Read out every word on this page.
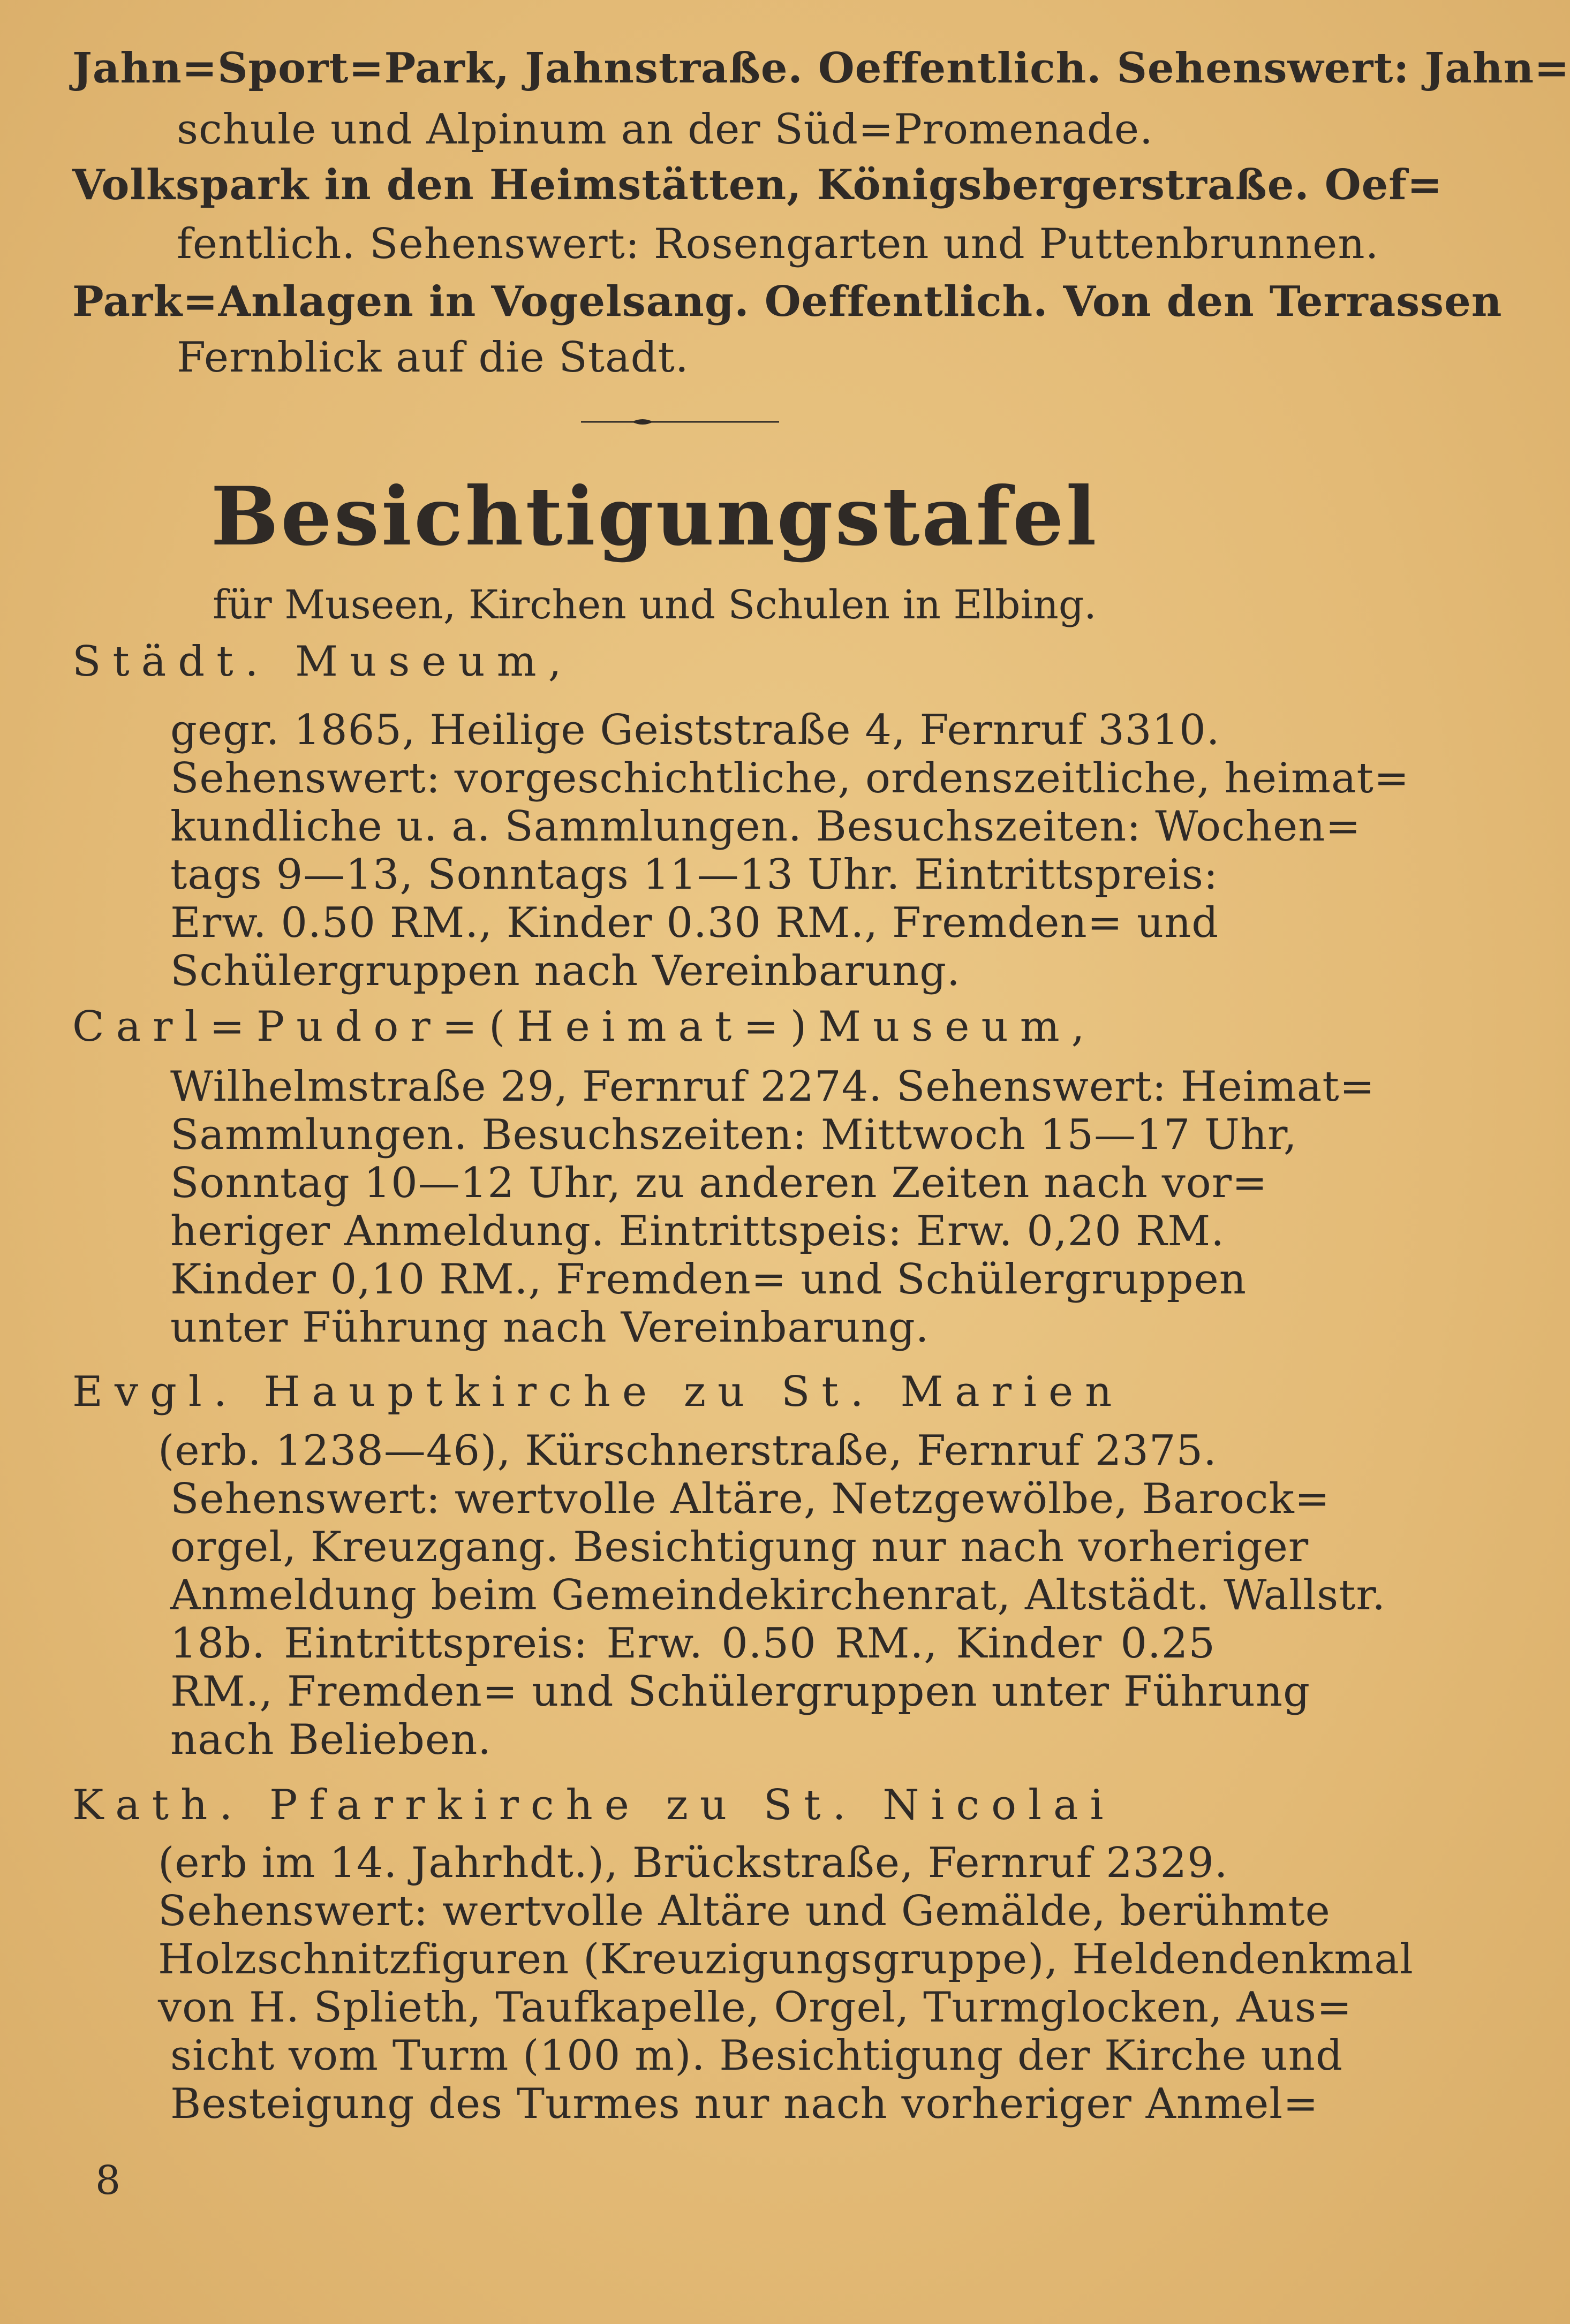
Jahn=Sport=Park, Jahnstraße. Oeffentlich. Sehenswert: Jahn=
schule und Alpinum an der Süd=Promenade.
Volkspark in den Heimstätten, Königsbergerstraße. Oef=
fentlich. Sehenswert: Rosengarten und Puttenbrunnen.
Park=Anlagen in Vogelsang. Oeffentlich. Von den Terrassen
Fernblick auf die Stadt.
Besichtigungstafel
für Museen, Kirchen und Schulen in Elbing.
Städt. Museum,
gegr. 1865, Heilige Geiststraße 4, Fernruf 3310.
Sehenswert: vorgeschichtliche, ordenszeitliche, heimat=
kundliche u. a. Sammlungen. Besuchszeiten: Wochen=
tags 9—13, Sonntags 11—13 Uhr. Eintrittspreis:
Erw. 0.50 RM., Kinder 0.30 RM., Fremden= und
Schülergruppen nach Vereinbarung.
Carl=Pudor=(Heimat=)Museum,
Wilhelmstraße 29, Fernruf 2274. Sehenswert: Heimat=
Sammlungen. Besuchszeiten: Mittwoch 15—17 Uhr,
Sonntag 10—12 Uhr, zu anderen Zeiten nach vor=
heriger Anmeldung. Eintrittspeis: Erw. 0,20 RM.
Kinder 0,10 RM., Fremden= und Schülergruppen
unter Führung nach Vereinbarung.
Evgl. Hauptkirche zu St. Marien
(erb. 1238—46), Kürschnerstraße, Fernruf 2375.
Sehenswert: wertvolle Altäre, Netzgewölbe, Barock=
orgel, Kreuzgang. Besichtigung nur nach vorheriger
Anmeldung beim Gemeindekirchenrat, Altstädt. Wallstr.
18b. Eintrittspreis: Erw. 0.50 RM., Kinder 0.25
RM., Fremden= und Schülergruppen unter Führung
nach Belieben.
Kath. Pfarrkirche zu St. Nicolai
(erb im 14. Jahrhdt.), Brückstraße, Fernruf 2329.
Sehenswert: wertvolle Altäre und Gemälde, berühmte
Holzschnitzfiguren (Kreuzigungsgruppe), Heldendenkmal
von H. Splieth, Taufkapelle, Orgel, Turmglocken, Aus=
sicht vom Turm (100 m). Besichtigung der Kirche und
Besteigung des Turmes nur nach vorheriger Anmel=
8
